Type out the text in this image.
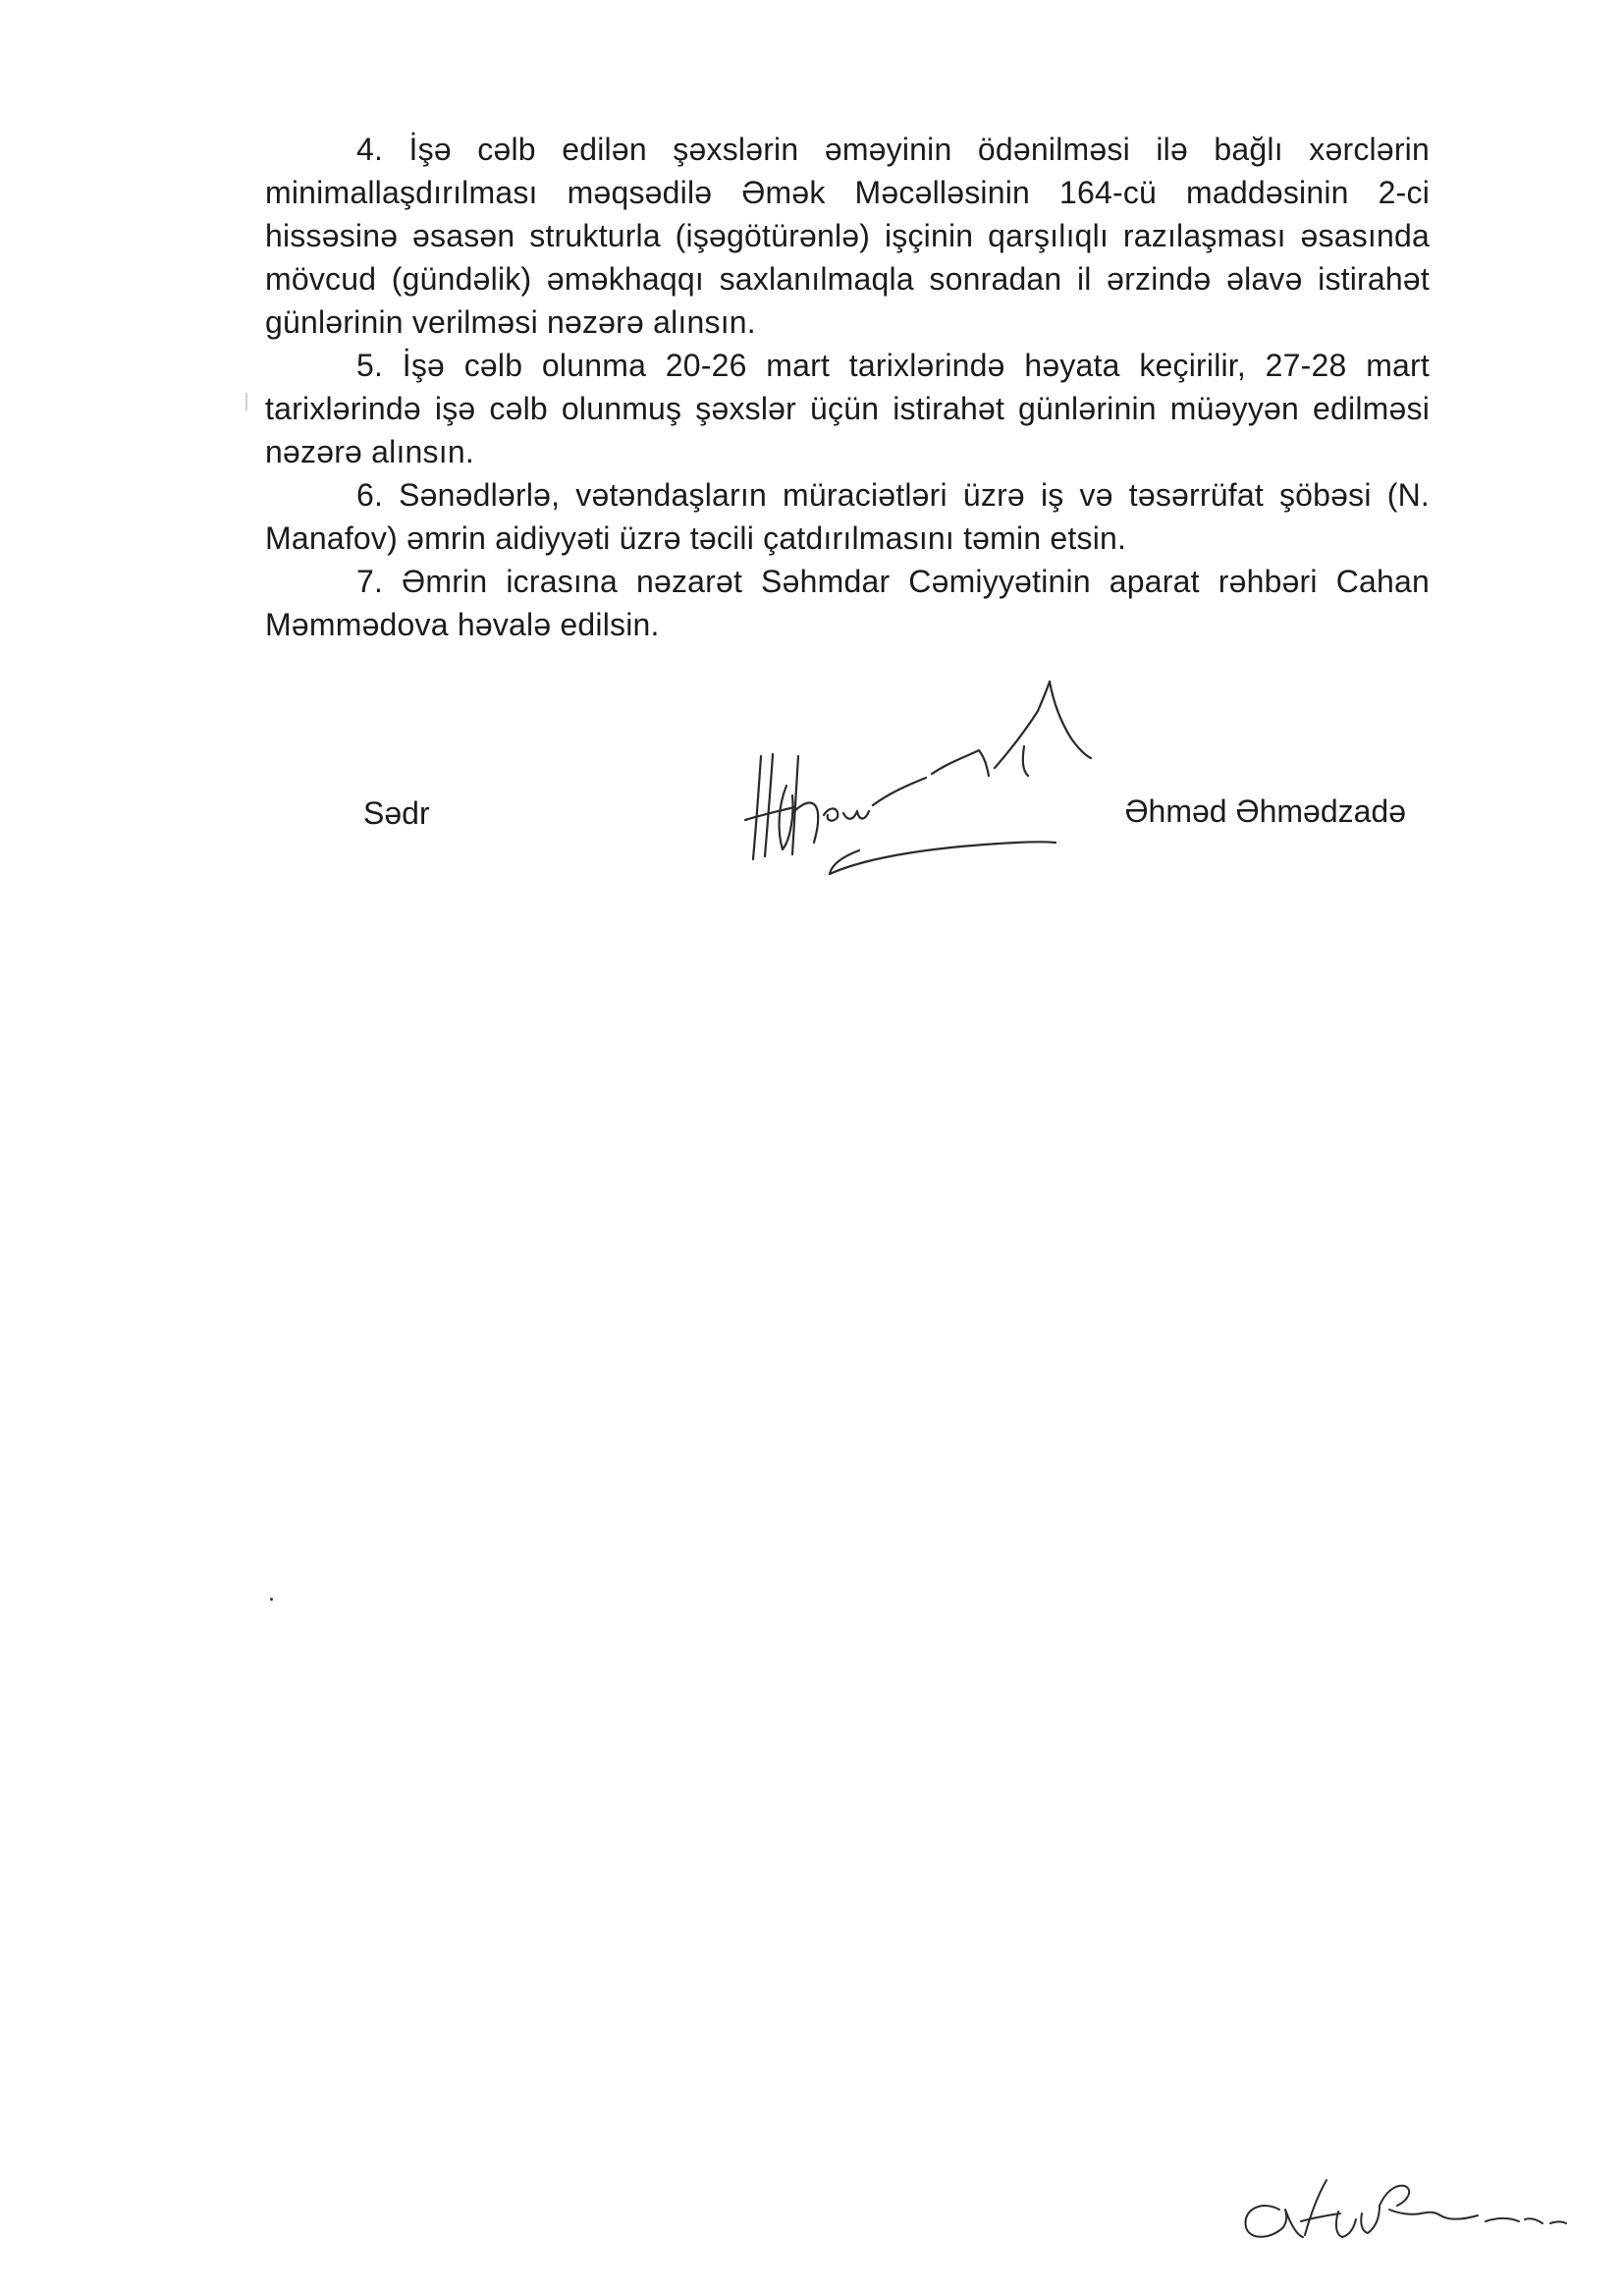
4. İşə cəlb edilən şəxslərin əməyinin ödənilməsi ilə bağlı xərclərin minimallaşdırılması məqsədilə Əmək Məcəlləsinin 164-cü maddəsinin 2-ci hissəsinə əsasən strukturla (işəgötürənlə) işçinin qarşılıqlı razılaşması əsasında mövcud (gündəlik) əməkhaqqı saxlanılmaqla sonradan il ərzində əlavə istirahət günlərinin verilməsi nəzərə alınsın.

5. İşə cəlb olunma 20-26 mart tarixlərində həyata keçirilir, 27-28 mart tarixlərində işə cəlb olunmuş şəxslər üçün istirahət günlərinin müəyyən edilməsi nəzərə alınsın.

6. Sənədlərlə, vətəndaşların müraciətləri üzrə iş və təsərrüfat şöbəsi (N. Manafov) əmrin aidiyyəti üzrə təcili çatdırılmasını təmin etsin.

7. Əmrin icrasına nəzarət Səhmdar Cəmiyyətinin aparat rəhbəri Cahan Məmmədova həvalə edilsin.

Sədr	Əhməd Əhmədzadə
